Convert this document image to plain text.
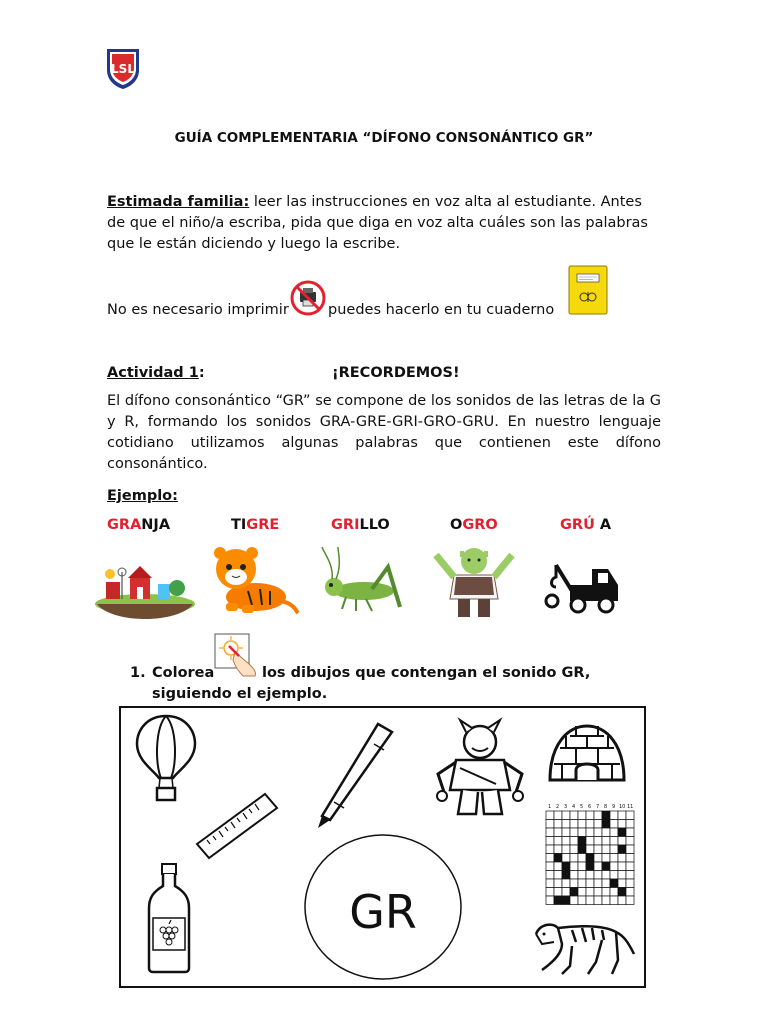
LSL
GUÍA COMPLEMENTARIA “DÍFONO CONSONÁNTICO GR”
Estimada familia: leer las instrucciones en voz alta al estudiante. Antes de que el niño/a escriba, pida que diga en voz alta cuáles son las palabras que le están diciendo y luego la escribe.
No es necesario imprimir	puedes hacerlo en tu cuaderno
Actividad 1:	¡RECORDEMOS!
El dífono consonántico “GR” se compone de los sonidos de las letras de la G y R, formando los sonidos GRA-GRE-GRI-GRO-GRU. En nuestro lenguaje cotidiano utilizamos algunas palabras que contienen este dífono consonántico.
Ejemplo:
GRANJA	TIGRE	GRILLO	OGRO	GRÚ A
1. Colorea	los dibujos que contengan el sonido GR, siguiendo el ejemplo.
1 2 3 4 5 6 7 8 9 10 11
GR
